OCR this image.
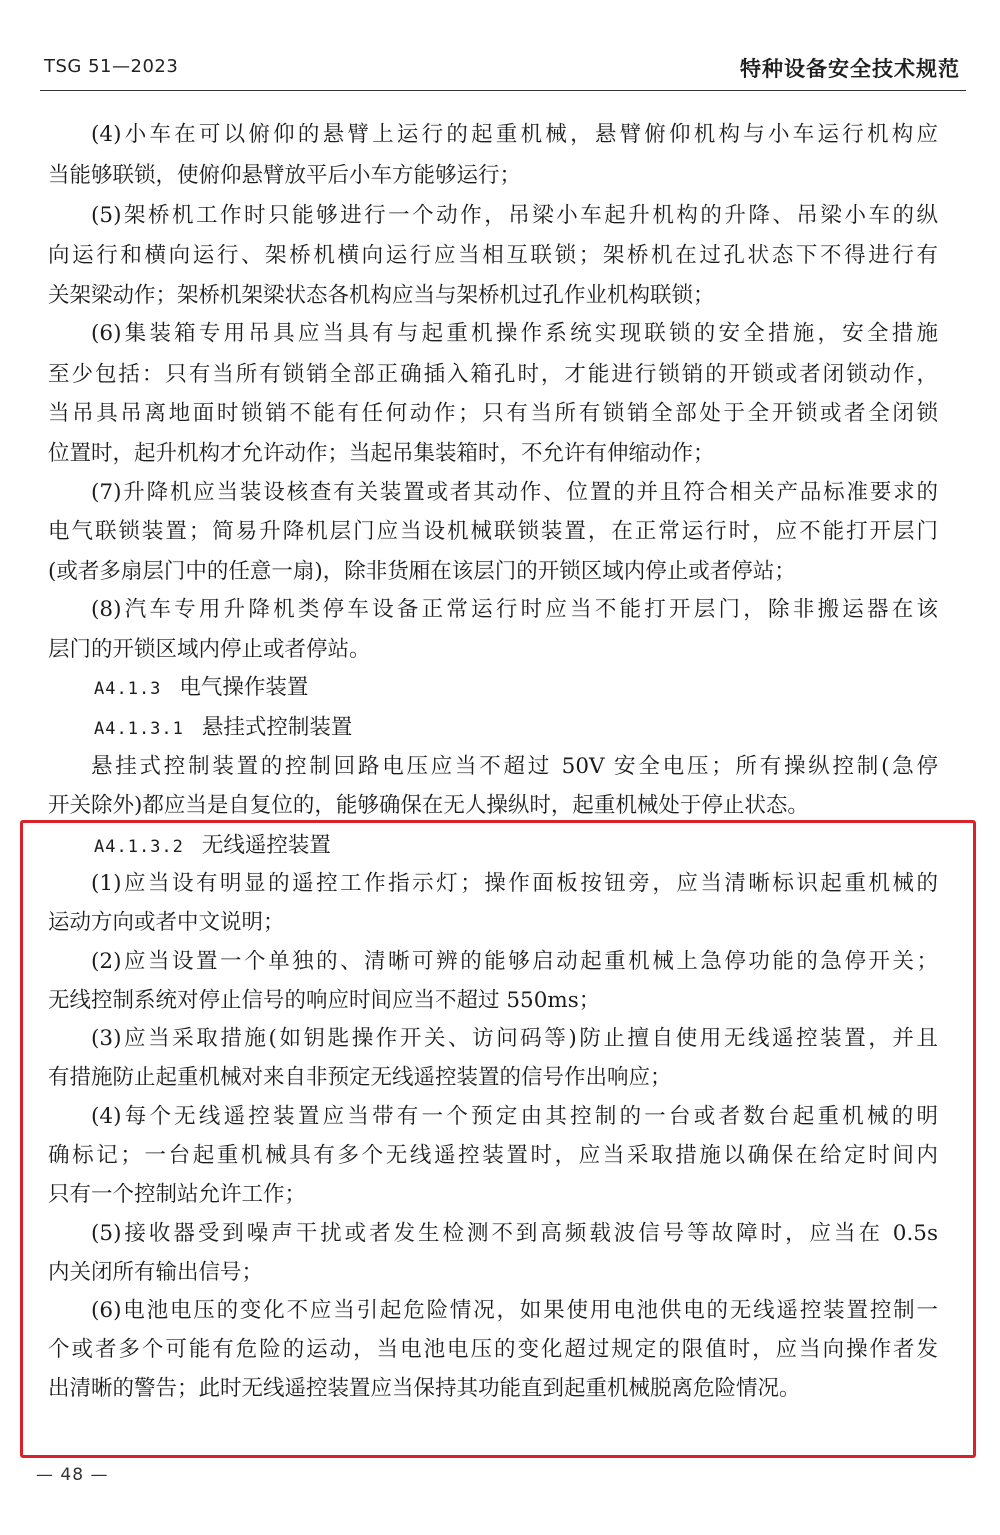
TSG 51—2023	特种设备安全技术规范
(4)小车在可以俯仰的悬臂上运行的起重机械，悬臂俯仰机构与小车运行机构应
当能够联锁，使俯仰悬臂放平后小车方能够运行；
(5)架桥机工作时只能够进行一个动作，吊梁小车起升机构的升降、吊梁小车的纵
向运行和横向运行、架桥机横向运行应当相互联锁；架桥机在过孔状态下不得进行有
关架梁动作；架桥机架梁状态各机构应当与架桥机过孔作业机构联锁；
(6)集装箱专用吊具应当具有与起重机操作系统实现联锁的安全措施，安全措施
至少包括：只有当所有锁销全部正确插入箱孔时，才能进行锁销的开锁或者闭锁动作，
当吊具吊离地面时锁销不能有任何动作；只有当所有锁销全部处于全开锁或者全闭锁
位置时，起升机构才允许动作；当起吊集装箱时，不允许有伸缩动作；
(7)升降机应当装设核查有关装置或者其动作、位置的并且符合相关产品标准要求的
电气联锁装置；简易升降机层门应当设机械联锁装置，在正常运行时，应不能打开层门
(或者多扇层门中的任意一扇)，除非货厢在该层门的开锁区域内停止或者停站；
(8)汽车专用升降机类停车设备正常运行时应当不能打开层门，除非搬运器在该
层门的开锁区域内停止或者停站。
A4.1.3 电气操作装置
A4.1.3.1 悬挂式控制装置
悬挂式控制装置的控制回路电压应当不超过 50V 安全电压；所有操纵控制(急停
开关除外)都应当是自复位的，能够确保在无人操纵时，起重机械处于停止状态。
A4.1.3.2 无线遥控装置
(1)应当设有明显的遥控工作指示灯；操作面板按钮旁，应当清晰标识起重机械的
运动方向或者中文说明；
(2)应当设置一个单独的、清晰可辨的能够启动起重机械上急停功能的急停开关；
无线控制系统对停止信号的响应时间应当不超过 550ms；
(3)应当采取措施(如钥匙操作开关、访问码等)防止擅自使用无线遥控装置，并且
有措施防止起重机械对来自非预定无线遥控装置的信号作出响应；
(4)每个无线遥控装置应当带有一个预定由其控制的一台或者数台起重机械的明
确标记；一台起重机械具有多个无线遥控装置时，应当采取措施以确保在给定时间内
只有一个控制站允许工作；
(5)接收器受到噪声干扰或者发生检测不到高频载波信号等故障时，应当在 0.5s
内关闭所有输出信号；
(6)电池电压的变化不应当引起危险情况，如果使用电池供电的无线遥控装置控制一
个或者多个可能有危险的运动，当电池电压的变化超过规定的限值时，应当向操作者发
出清晰的警告；此时无线遥控装置应当保持其功能直到起重机械脱离危险情况。
— 48 —
